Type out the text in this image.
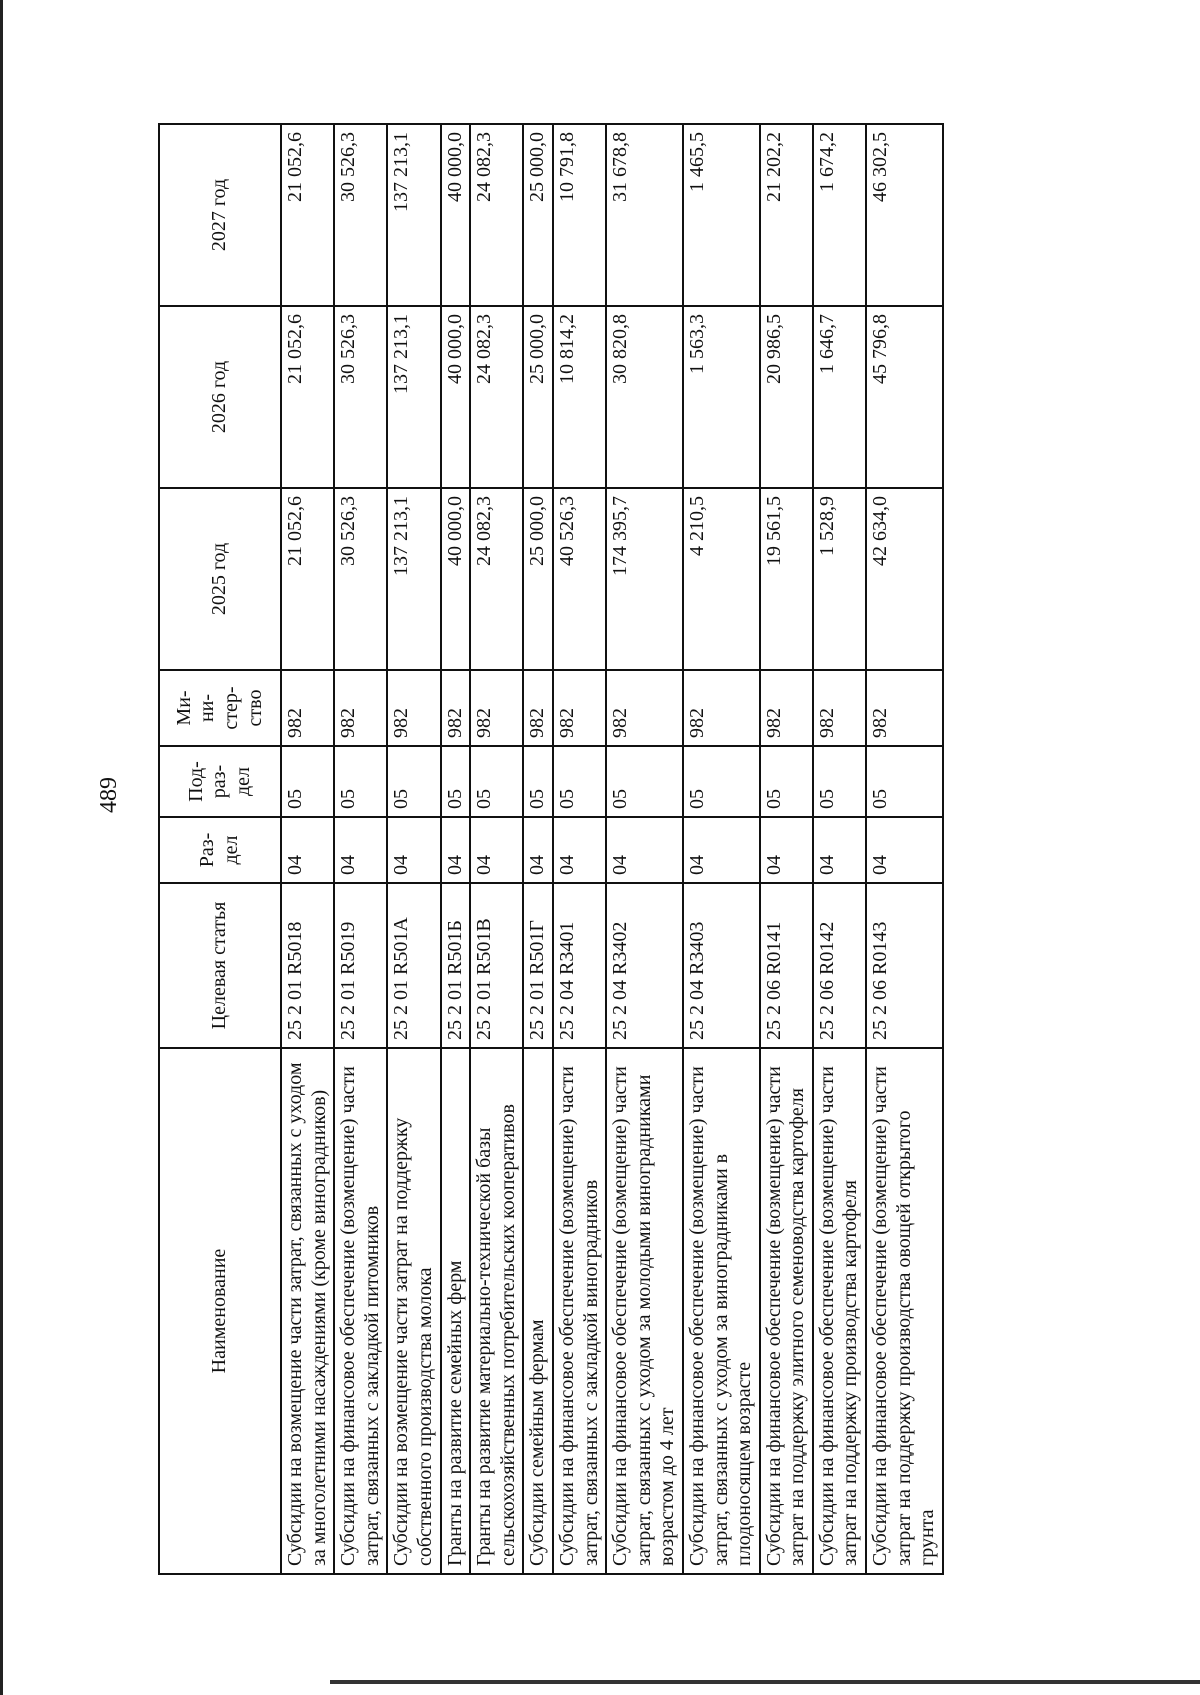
489
Наименование	Целевая статья	Раз-дел	Под-раз-дел	Ми-ни-стер-ство	2025 год	2026 год	2027 год
Субсидии на возмещение части затрат, связанных с уходом за многолетними насаждениями (кроме виноградников)	25 2 01 R5018	04	05	982	21 052,6	21 052,6	21 052,6
Субсидии на финансовое обеспечение (возмещение) части затрат, связанных с закладкой питомников	25 2 01 R5019	04	05	982	30 526,3	30 526,3	30 526,3
Субсидии на возмещение части затрат на поддержку собственного производства молока	25 2 01 R501A	04	05	982	137 213,1	137 213,1	137 213,1
Гранты на развитие семейных ферм	25 2 01 R501Б	04	05	982	40 000,0	40 000,0	40 000,0
Гранты на развитие материально-технической базы сельскохозяйственных потребительских кооперативов	25 2 01 R501В	04	05	982	24 082,3	24 082,3	24 082,3
Субсидии семейным фермам	25 2 01 R501Г	04	05	982	25 000,0	25 000,0	25 000,0
Субсидии на финансовое обеспечение (возмещение) части затрат, связанных с закладкой виноградников	25 2 04 R3401	04	05	982	40 526,3	10 814,2	10 791,8
Субсидии на финансовое обеспечение (возмещение) части затрат, связанных с уходом за молодыми виноградниками возрастом до 4 лет	25 2 04 R3402	04	05	982	174 395,7	30 820,8	31 678,8
Субсидии на финансовое обеспечение (возмещение) части затрат, связанных с уходом за виноградниками в плодоносящем возрасте	25 2 04 R3403	04	05	982	4 210,5	1 563,3	1 465,5
Субсидии на финансовое обеспечение (возмещение) части затрат на поддержку элитного семеноводства картофеля	25 2 06 R0141	04	05	982	19 561,5	20 986,5	21 202,2
Субсидии на финансовое обеспечение (возмещение) части затрат на поддержку производства картофеля	25 2 06 R0142	04	05	982	1 528,9	1 646,7	1 674,2
Субсидии на финансовое обеспечение (возмещение) части затрат на поддержку производства овощей открытого грунта	25 2 06 R0143	04	05	982	42 634,0	45 796,8	46 302,5
